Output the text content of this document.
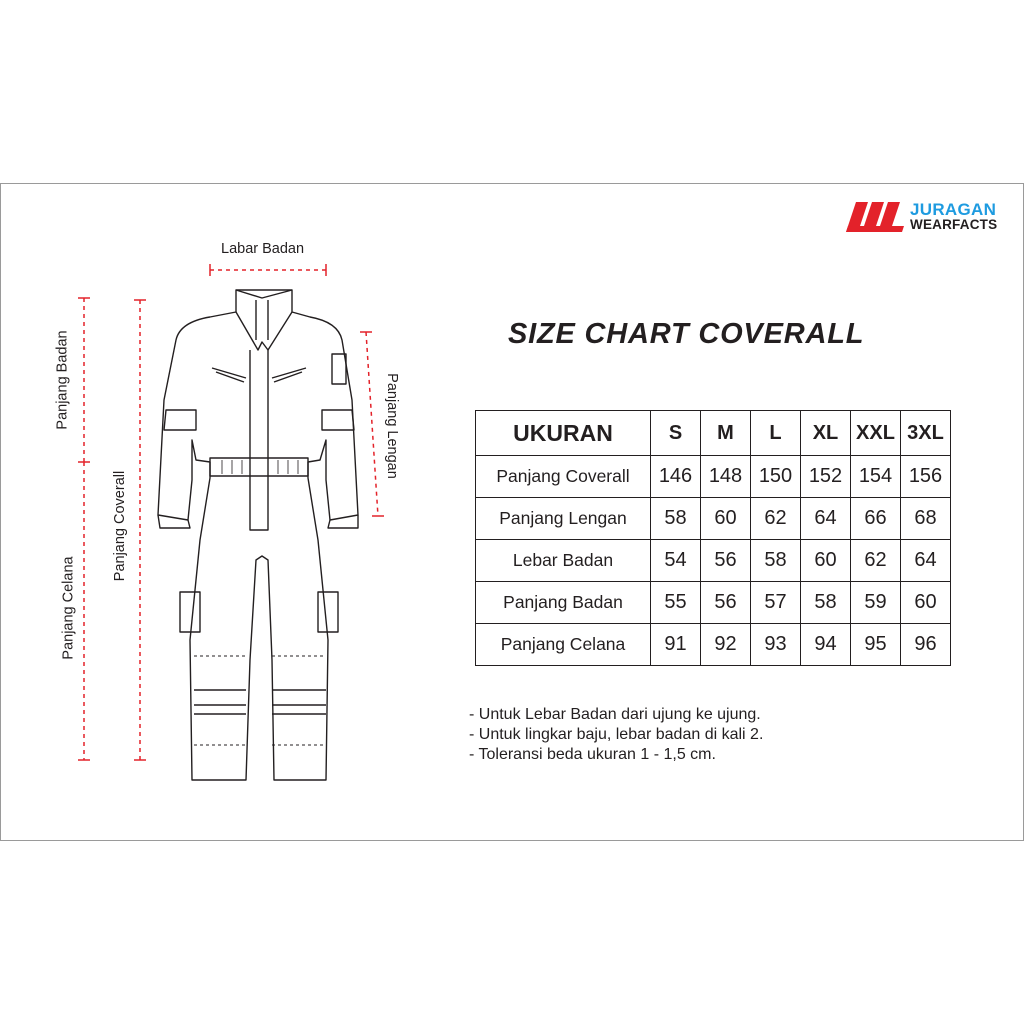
JURAGAN
WEARFACTS
SIZE CHART COVERALL
UKURAN	S	M	L	XL	XXL	3XL
Panjang Coverall	146	148	150	152	154	156
Panjang Lengan	58	60	62	64	66	68
Lebar Badan	54	56	58	60	62	64
Panjang Badan	55	56	57	58	59	60
Panjang Celana	91	92	93	94	95	96
- Untuk Lebar Badan dari ujung ke ujung.
- Untuk lingkar baju, lebar badan di kali 2.
- Toleransi beda ukuran 1 - 1,5 cm.
Labar Badan
Panjang Badan
Panjang Coverall
Panjang Celana
Panjang Lengan
